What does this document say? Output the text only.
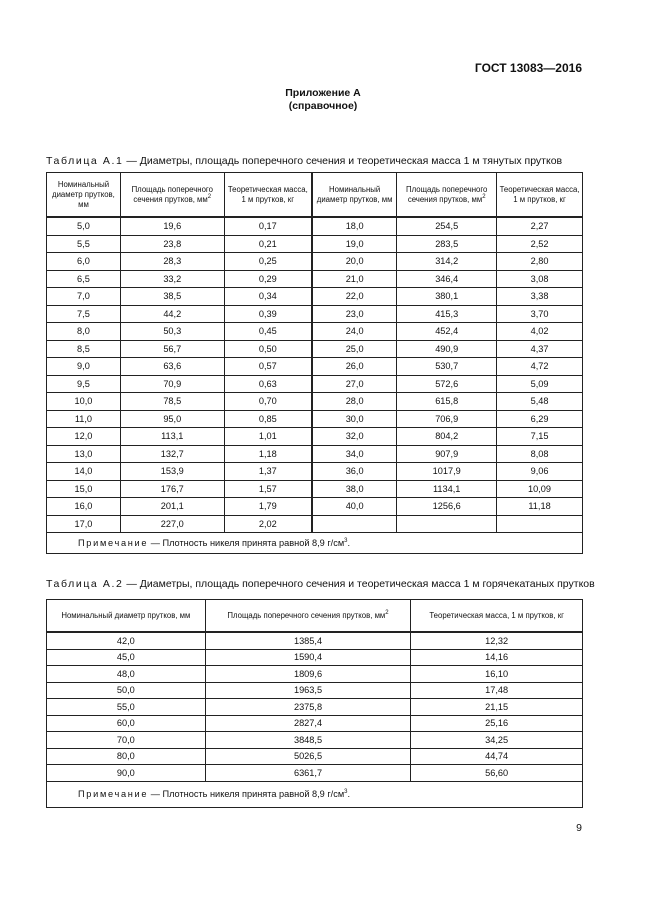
ГОСТ 13083—2016
Приложение А
(справочное)
Таблица А.1 — Диаметры, площадь поперечного сечения и теоретическая масса 1 м тянутых прутков
Номинальный диаметр прутков, мм	Площадь поперечного сечения прутков, $мм^2$	Теоретическая масса, 1 м прутков, кг	Номинальный диаметр прутков, мм	Площадь поперечного сечения прутков, $мм^2$	Теоретическая масса, 1 м прутков, кг
5,0	19,6	0,17	18,0	254,5	2,27
5,5	23,8	0,21	19,0	283,5	2,52
6,0	28,3	0,25	20,0	314,2	2,80
6,5	33,2	0,29	21,0	346,4	3,08
7,0	38,5	0,34	22,0	380,1	3,38
7,5	44,2	0,39	23,0	415,3	3,70
8,0	50,3	0,45	24,0	452,4	4,02
8,5	56,7	0,50	25,0	490,9	4,37
9,0	63,6	0,57	26,0	530,7	4,72
9,5	70,9	0,63	27,0	572,6	5,09
10,0	78,5	0,70	28,0	615,8	5,48
11,0	95,0	0,85	30,0	706,9	6,29
12,0	113,1	1,01	32,0	804,2	7,15
13,0	132,7	1,18	34,0	907,9	8,08
14,0	153,9	1,37	36,0	1017,9	9,06
15,0	176,7	1,57	38,0	1134,1	10,09
16,0	201,1	1,79	40,0	1256,6	11,18
17,0	227,0	2,02			
Примечание — Плотность никеля принята равной 8,9 $г/см^3$.					
Таблица А.2 — Диаметры, площадь поперечного сечения и теоретическая масса 1 м горячекатаных прутков
Номинальный диаметр прутков, мм	Площадь поперечного сечения прутков, $мм^2$	Теоретическая масса, 1 м прутков, кг
42,0	1385,4	12,32
45,0	1590,4	14,16
48,0	1809,6	16,10
50,0	1963,5	17,48
55,0	2375,8	21,15
60,0	2827,4	25,16
70,0	3848,5	34,25
80,0	5026,5	44,74
90,0	6361,7	56,60
Примечание — Плотность никеля принята равной 8,9 $г/см^3$.		
9
